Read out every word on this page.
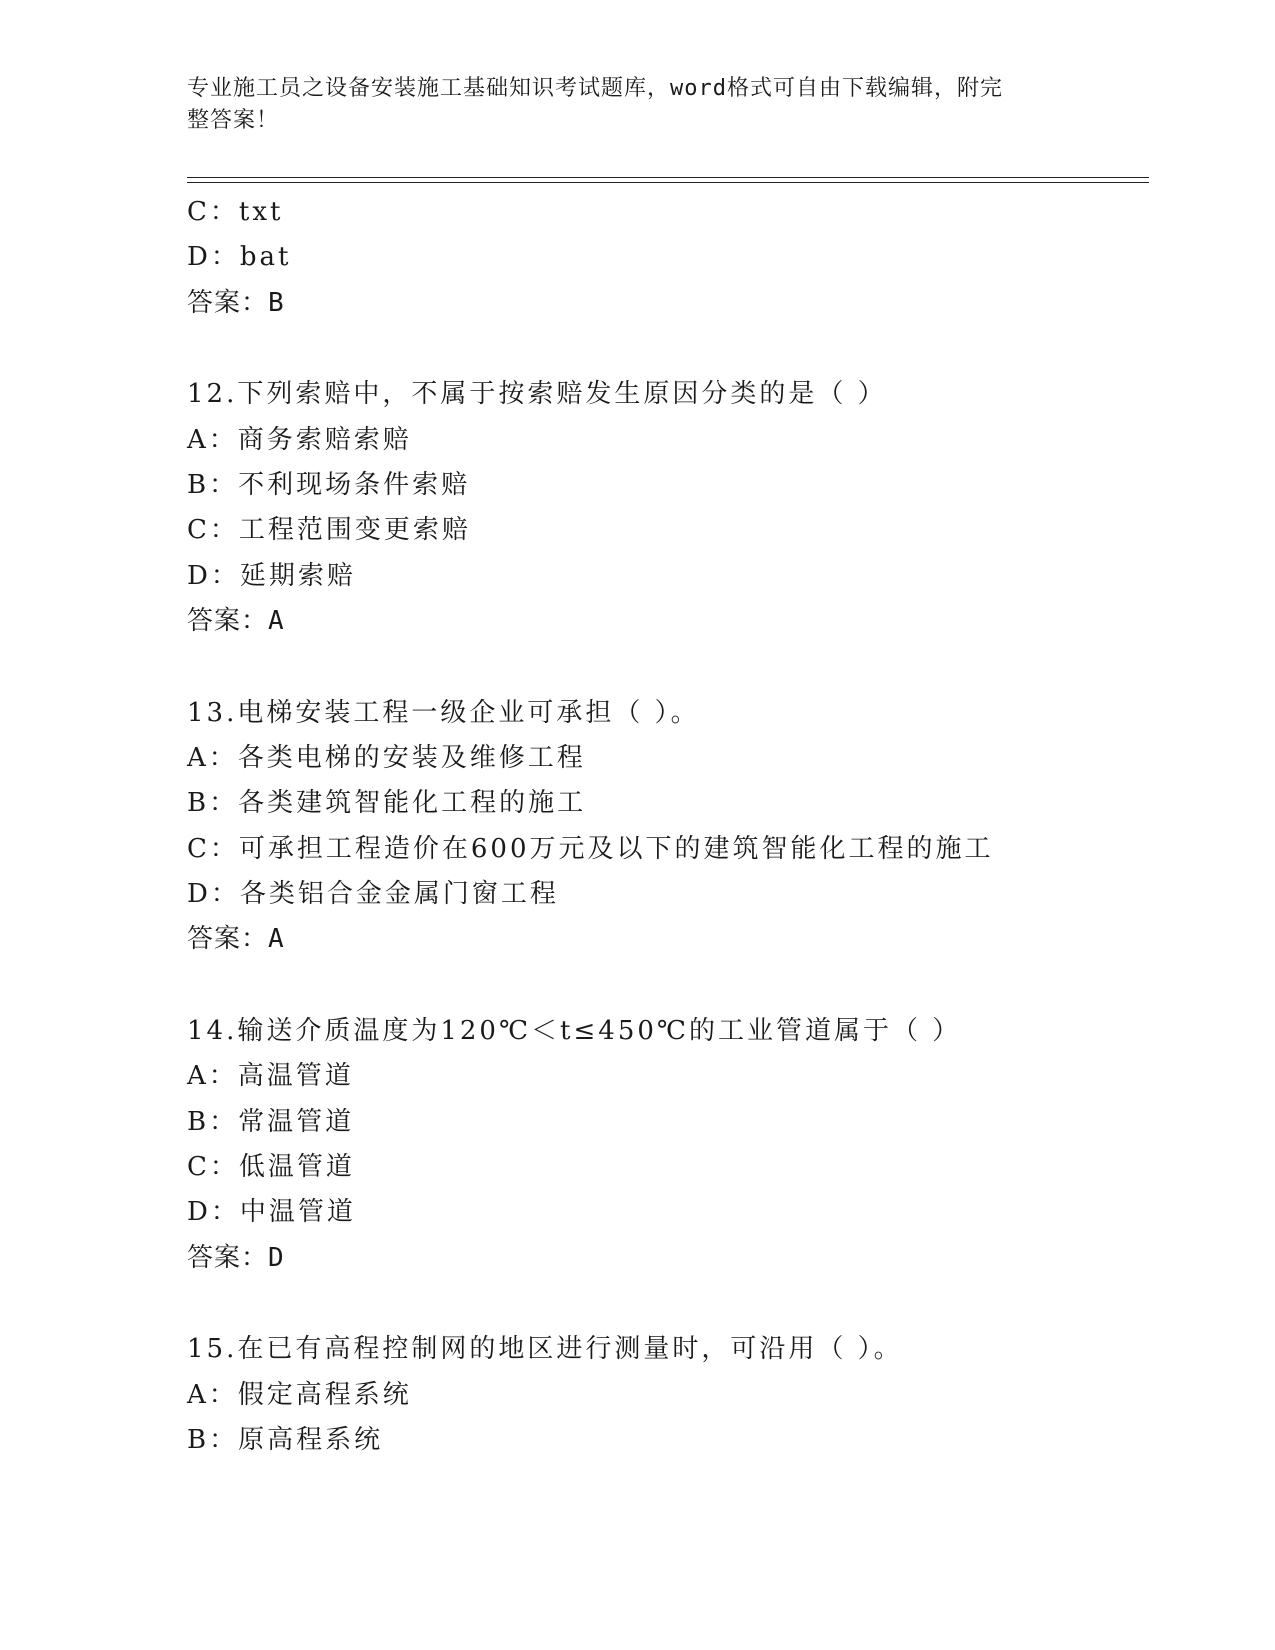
专业施工员之设备安装施工基础知识考试题库，word格式可自由下载编辑，附完
整答案！
C：txt
D：bat
答案：B
12.下列索赔中，不属于按索赔发生原因分类的是（ ）
A：商务索赔索赔
B：不利现场条件索赔
C：工程范围变更索赔
D：延期索赔
答案：A
13.电梯安装工程一级企业可承担（ ）。
A：各类电梯的安装及维修工程
B：各类建筑智能化工程的施工
C：可承担工程造价在600万元及以下的建筑智能化工程的施工
D：各类铝合金金属门窗工程
答案：A
14.输送介质温度为120℃＜t≤450℃的工业管道属于（ ）
A：高温管道
B：常温管道
C：低温管道
D：中温管道
答案：D
15.在已有高程控制网的地区进行测量时，可沿用（ ）。
A：假定高程系统
B：原高程系统
